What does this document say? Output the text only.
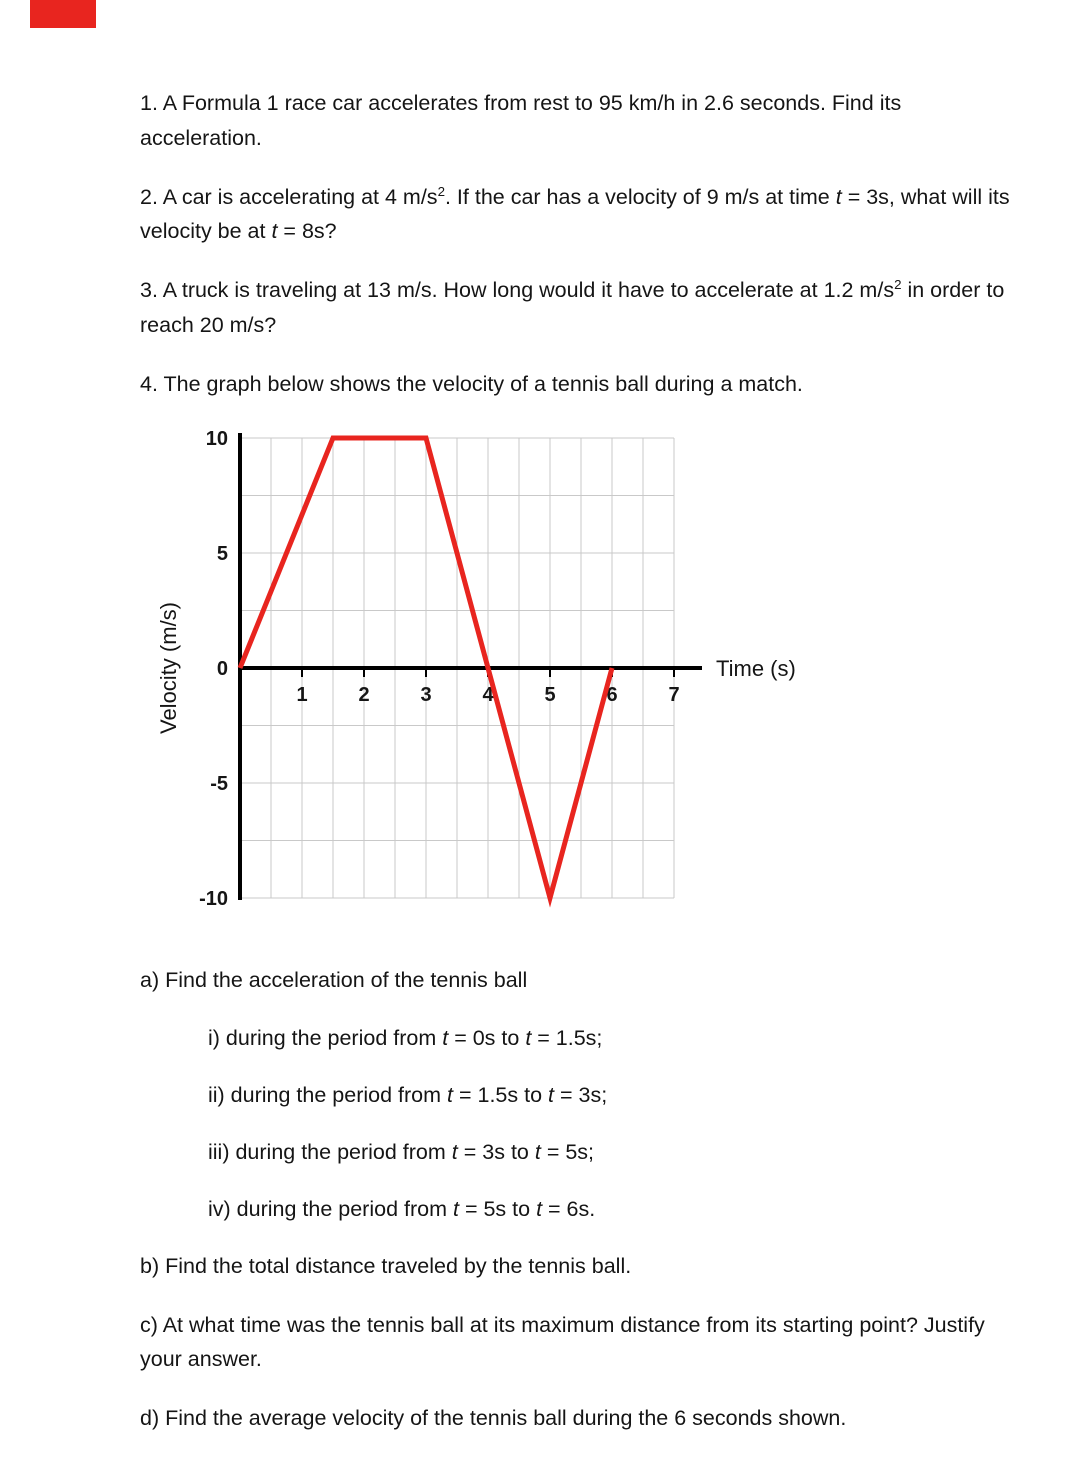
1. A Formula 1 race car accelerates from rest to 95 km/h in 2.6 seconds. Find its acceleration.

2. A car is accelerating at 4 $m/s^2$. If the car has a velocity of 9 m/s at time t = 3s, what will its velocity be at t = 8s?

3. A truck is traveling at 13 m/s. How long would it have to accelerate at 1.2 $m/s^2$ in order to reach 20 m/s?

4. The graph below shows the velocity of a tennis ball during a match.

1	2	3	4	5	6	7
10
5
0
-5
-10
Time (s)
Velocity (m/s)

a) Find the acceleration of the tennis ball

i) during the period from t = 0s to t = 1.5s;

ii) during the period from t = 1.5s to t = 3s;

iii) during the period from t = 3s to t = 5s;

iv) during the period from t = 5s to t = 6s.

b) Find the total distance traveled by the tennis ball.

c) At what time was the tennis ball at its maximum distance from its starting point? Justify your answer.

d) Find the average velocity of the tennis ball during the 6 seconds shown.
